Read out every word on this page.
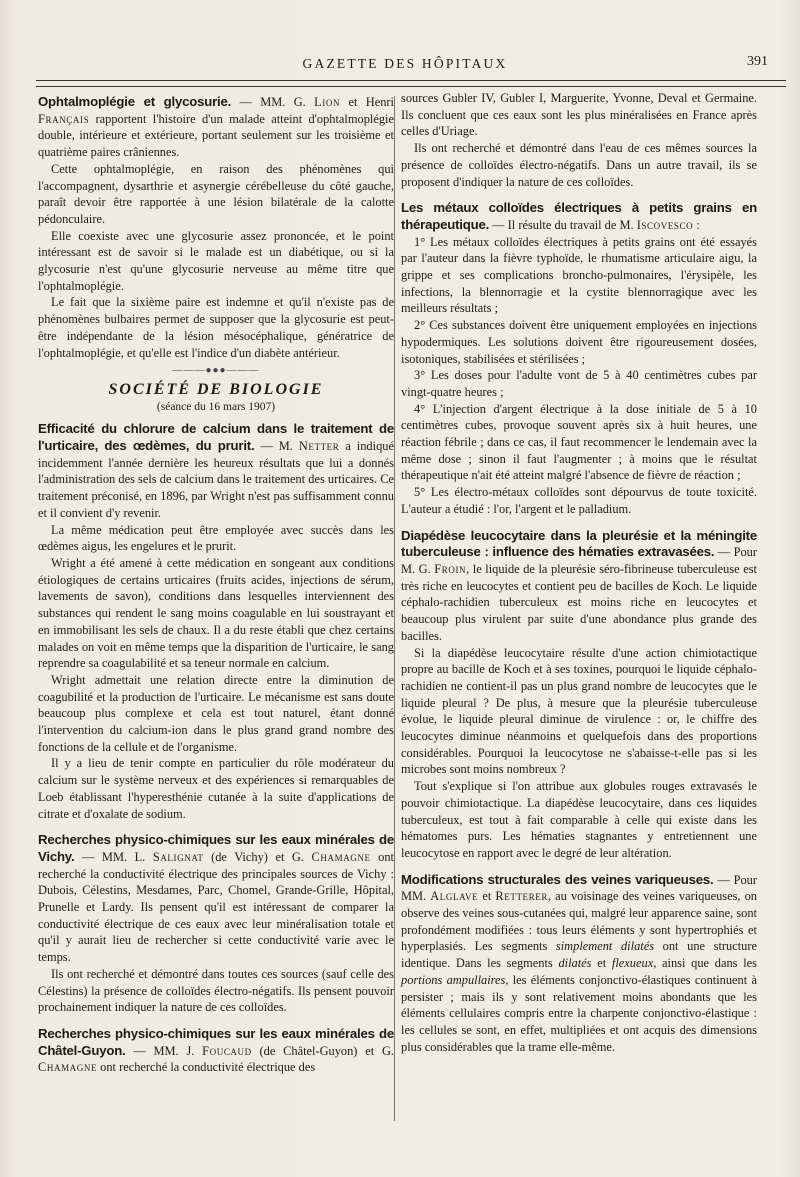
GAZETTE DES HÔPITAUX	391

Ophtalmoplégie et glycosurie. — MM. G. Lion et Henri Français rapportent l'histoire d'un malade atteint d'ophtalmoplégie double, intérieure et extérieure, portant seulement sur les troisième et quatrième paires crâniennes.

Cette ophtalmoplégie, en raison des phénomènes qui l'accompagnent, dysarthrie et asynergie cérébelleuse du côté gauche, paraît devoir être rapportée à une lésion bilatérale de la calotte pédonculaire.

Elle coexiste avec une glycosurie assez prononcée, et le point intéressant est de savoir si le malade est un diabétique, ou si la glycosurie n'est qu'une glycosurie nerveuse au même titre que l'ophtalmoplégie.

Le fait que la sixième paire est indemne et qu'il n'existe pas de phénomènes bulbaires permet de supposer que la glycosurie est peut-être indépendante de la lésion mésocéphalique, génératrice de l'ophtalmoplégie, et qu'elle est l'indice d'un diabète antérieur.

———●●●———
SOCIÉTÉ DE BIOLOGIE
(séance du 16 mars 1907)

Efficacité du chlorure de calcium dans le traitement de l'urticaire, des œdèmes, du prurit. — M. Netter a indiqué incidemment l'année dernière les heureux résultats que lui a donnés l'administration des sels de calcium dans le traitement des urticaires. Ce traitement préconisé, en 1896, par Wright n'est pas suffisamment connu et il convient d'y revenir.

La même médication peut être employée avec succès dans les œdèmes aigus, les engelures et le prurit.

Wright a été amené à cette médication en songeant aux conditions étiologiques de certains urticaires (fruits acides, injections de sérum, lavements de savon), conditions dans lesquelles interviennent des substances qui rendent le sang moins coagulable en lui soustrayant et en immobilisant les sels de chaux. Il a du reste établi que chez certains malades on voit en même temps que la disparition de l'urticaire, le sang reprendre sa coagulabilité et sa teneur normale en calcium.

Wright admettait une relation directe entre la diminution de coagubilité et la production de l'urticaire. Le mécanisme est sans doute beaucoup plus complexe et cela est tout naturel, étant donné l'intervention du calcium-ion dans le plus grand grand nombre des fonctions de la cellule et de l'organisme.

Il y a lieu de tenir compte en particulier du rôle modérateur du calcium sur le système nerveux et des expériences si remarquables de Loeb établissant l'hyperesthénie cutanée à la suite d'applications de citrate et d'oxalate de sodium.

Recherches physico-chimiques sur les eaux minérales de Vichy. — MM. L. Salignat (de Vichy) et G. Chamagne ont recherché la conductivité électrique des principales sources de Vichy : Dubois, Célestins, Mesdames, Parc, Chomel, Grande-Grille, Hôpital, Prunelle et Lardy. Ils pensent qu'il est intéressant de comparer la conductivité électrique de ces eaux avec leur minéralisation totale et qu'il y aurait lieu de rechercher si cette conductivité varie avec le temps.

Ils ont recherché et démontré dans toutes ces sources (sauf celle des Célestins) la présence de colloïdes électro-négatifs. Ils pensent pouvoir prochainement indiquer la nature de ces colloïdes.

Recherches physico-chimiques sur les eaux minérales de Châtel-Guyon. — MM. J. Foucaud (de Châtel-Guyon) et G. Chamagne ont recherché la conductivité électrique des

sources Gubler IV, Gubler I, Marguerite, Yvonne, Deval et Germaine. Ils concluent que ces eaux sont les plus minéralisées en France après celles d'Uriage.

Ils ont recherché et démontré dans l'eau de ces mêmes sources la présence de colloïdes électro-négatifs. Dans un autre travail, ils se proposent d'indiquer la nature de ces colloïdes.

Les métaux colloïdes électriques à petits grains en thérapeutique. — Il résulte du travail de M. Iscovesco :

1° Les métaux colloïdes électriques à petits grains ont été essayés par l'auteur dans la fièvre typhoïde, le rhumatisme articulaire aigu, la grippe et ses complications broncho-pulmonaires, l'érysipèle, les infections, la blennorragie et la cystite blennorragique avec les meilleurs résultats ;

2° Ces substances doivent être uniquement employées en injections hypodermiques. Les solutions doivent être rigoureusement dosées, isotoniques, stabilisées et stérilisées ;

3° Les doses pour l'adulte vont de 5 à 40 centimètres cubes par vingt-quatre heures ;

4° L'injection d'argent électrique à la dose initiale de 5 à 10 centimètres cubes, provoque souvent après six à huit heures, une réaction fébrile ; dans ce cas, il faut recommencer le lendemain avec la même dose ; sinon il faut l'augmenter ; à moins que le résultat thérapeutique n'ait été atteint malgré l'absence de fièvre de réaction ;

5° Les électro-métaux colloïdes sont dépourvus de toute toxicité. L'auteur a étudié : l'or, l'argent et le palladium.

Diapédèse leucocytaire dans la pleurésie et la méningite tuberculeuse : influence des hématies extravasées. — Pour M. G. Froin, le liquide de la pleurésie séro-fibrineuse tuberculeuse est très riche en leucocytes et contient peu de bacilles de Koch. Le liquide céphalo-rachidien tuberculeux est moins riche en leucocytes et beaucoup plus virulent par suite d'une abondance plus grande des bacilles.

Si la diapédèse leucocytaire résulte d'une action chimiotactique propre au bacille de Koch et à ses toxines, pourquoi le liquide céphalo-rachidien ne contient-il pas un plus grand nombre de leucocytes que le liquide pleural ? De plus, à mesure que la pleurésie tuberculeuse évolue, le liquide pleural diminue de virulence : or, le chiffre des leucocytes diminue néanmoins et quelquefois dans des proportions considérables. Pourquoi la leucocytose ne s'abaisse-t-elle pas si les microbes sont moins nombreux ?

Tout s'explique si l'on attribue aux globules rouges extravasés le pouvoir chimiotactique. La diapédèse leucocytaire, dans ces liquides tuberculeux, est tout à fait comparable à celle qui existe dans les hématomes purs. Les hématies stagnantes y entretiennent une leucocytose en rapport avec le degré de leur altération.

Modifications structurales des veines variqueuses. — Pour MM. Alglave et Retterer, au voisinage des veines variqueuses, on observe des veines sous-cutanées qui, malgré leur apparence saine, sont profondément modifiées : tous leurs éléments y sont hypertrophiés et hyperplasiés. Les segments simplement dilatés ont une structure identique. Dans les segments dilatés et flexueux, ainsi que dans les portions ampullaires, les éléments conjonctivo-élastiques continuent à persister ; mais ils y sont relativement moins abondants que les éléments cellulaires compris entre la charpente conjonctivo-élastique : les cellules se sont, en effet, multipliées et ont acquis des dimensions plus considérables que la trame elle-même.
